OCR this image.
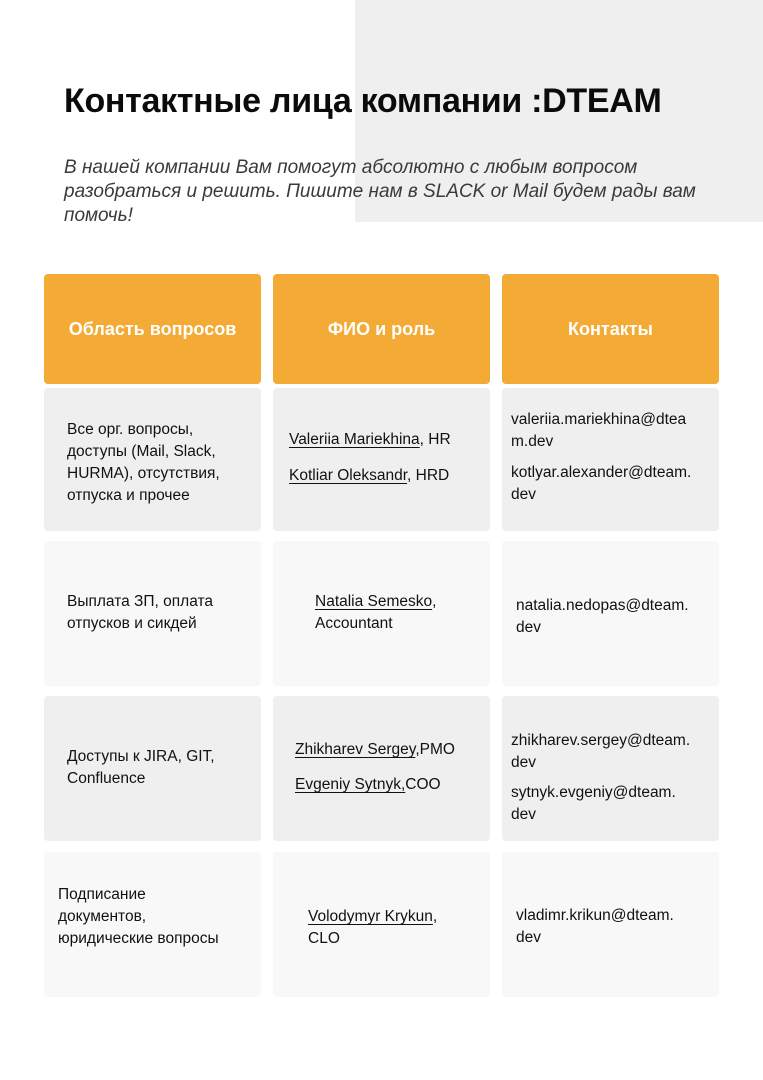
Контактные лица компании :DTEAM

В нашей компании Вам помогут абсолютно с любым вопросом разобраться и решить. Пишите нам в SLACK or Mail будем рады вам помочь!

Область вопросов	ФИО и роль	Контакты
Все орг. вопросы,
доступы (Mail, Slack,
HURMA), отсутствия,
отпуска и прочее
Valeriia Mariekhina, HR
Kotliar Oleksandr, HRD
valeriia.mariekhina@dtea
m.dev
kotlyar.alexander@dteam.
dev
Выплата ЗП, оплата
отпусков и сикдей
Natalia Semesko,
Accountant
natalia.nedopas@dteam.
dev
Доступы к JIRA, GIT,
Confluence
Zhikharev Sergey,PMO
Evgeniy Sytnyk,COO
zhikharev.sergey@dteam.
dev
sytnyk.evgeniy@dteam.
dev
Подписание
документов,
юридические вопросы
Volodymyr Krykun,
CLO
vladimr.krikun@dteam.
dev
